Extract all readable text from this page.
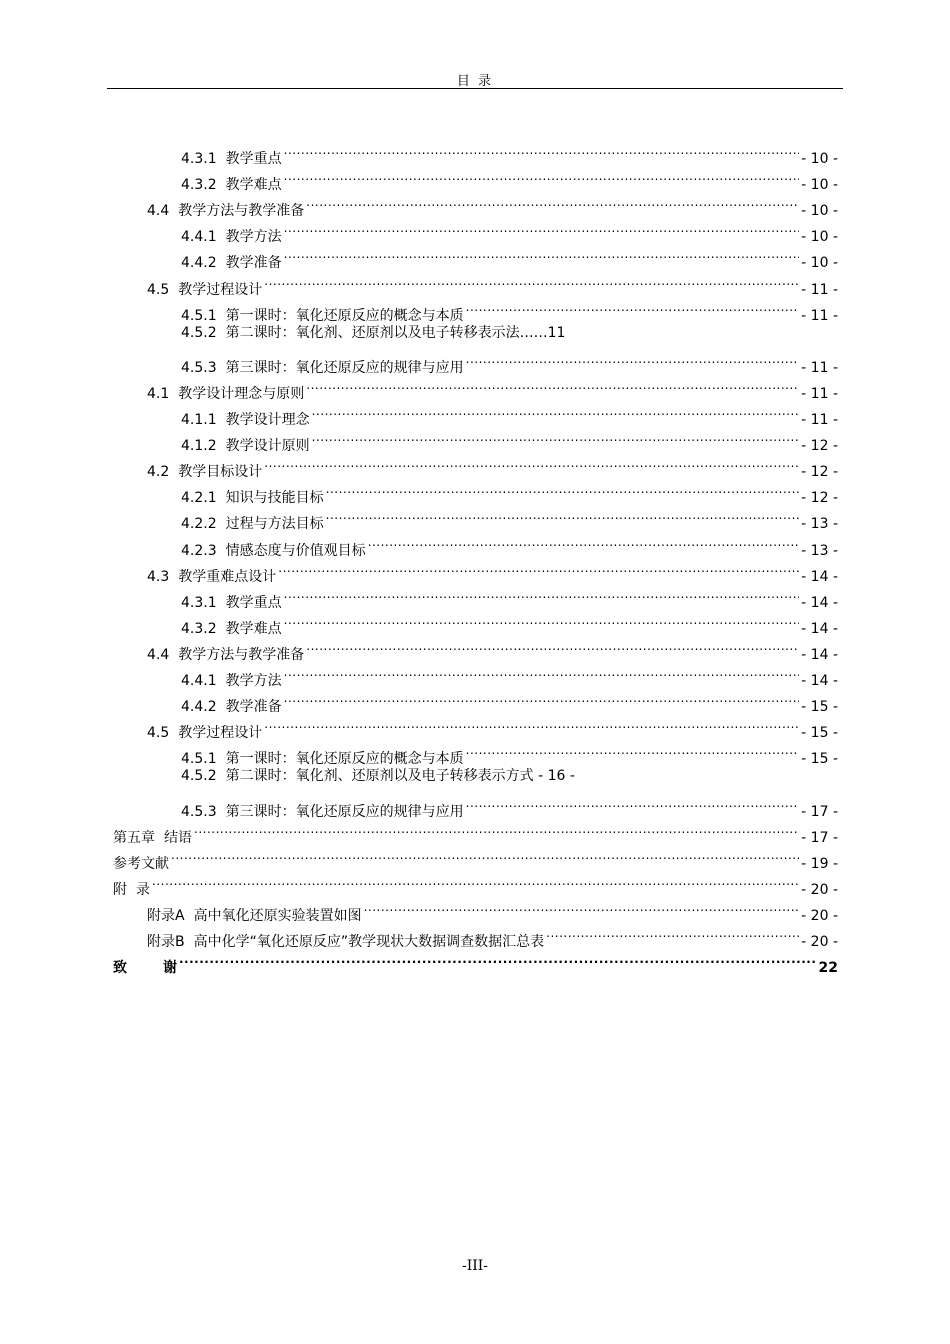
目 录
4.3.1 教学重点 .....	- 10 -
4.3.2 教学难点 .....	- 10 -
4.4 教学方法与教学准备 .....	- 10 -
4.4.1 教学方法 .....	- 10 -
4.4.2 教学准备 .....	- 10 -
4.5 教学过程设计 .....	- 11 -
4.5.1 第一课时：氧化还原反应的概念与本质 .....	- 11 -
4.5.2 第二课时：氧化剂、还原剂以及电子转移表示法……11
4.5.3 第三课时：氧化还原反应的规律与应用 .....	- 11 -
4.1 教学设计理念与原则 .....	- 11 -
4.1.1 教学设计理念 .....	- 11 -
4.1.2 教学设计原则 .....	- 12 -
4.2 教学目标设计 .....	- 12 -
4.2.1 知识与技能目标 .....	- 12 -
4.2.2 过程与方法目标 .....	- 13 -
4.2.3 情感态度与价值观目标 .....	- 13 -
4.3 教学重难点设计 .....	- 14 -
4.3.1 教学重点 .....	- 14 -
4.3.2 教学难点 .....	- 14 -
4.4 教学方法与教学准备 .....	- 14 -
4.4.1 教学方法 .....	- 14 -
4.4.2 教学准备 .....	- 15 -
4.5 教学过程设计 .....	- 15 -
4.5.1 第一课时：氧化还原反应的概念与本质 .....	- 15 -
4.5.2 第二课时：氧化剂、还原剂以及电子转移表示方式 - 16 -
4.5.3 第三课时：氧化还原反应的规律与应用 .....	- 17 -
第五章 结语 .....	- 17 -
参考文献 .....	- 19 -
附 录 .....	- 20 -
附录A 高中氧化还原实验装置如图 .....	- 20 -
附录B 高中化学“氧化还原反应”教学现状大数据调查数据汇总表 .....	- 20 -
致	谢 .....	22
-III-
